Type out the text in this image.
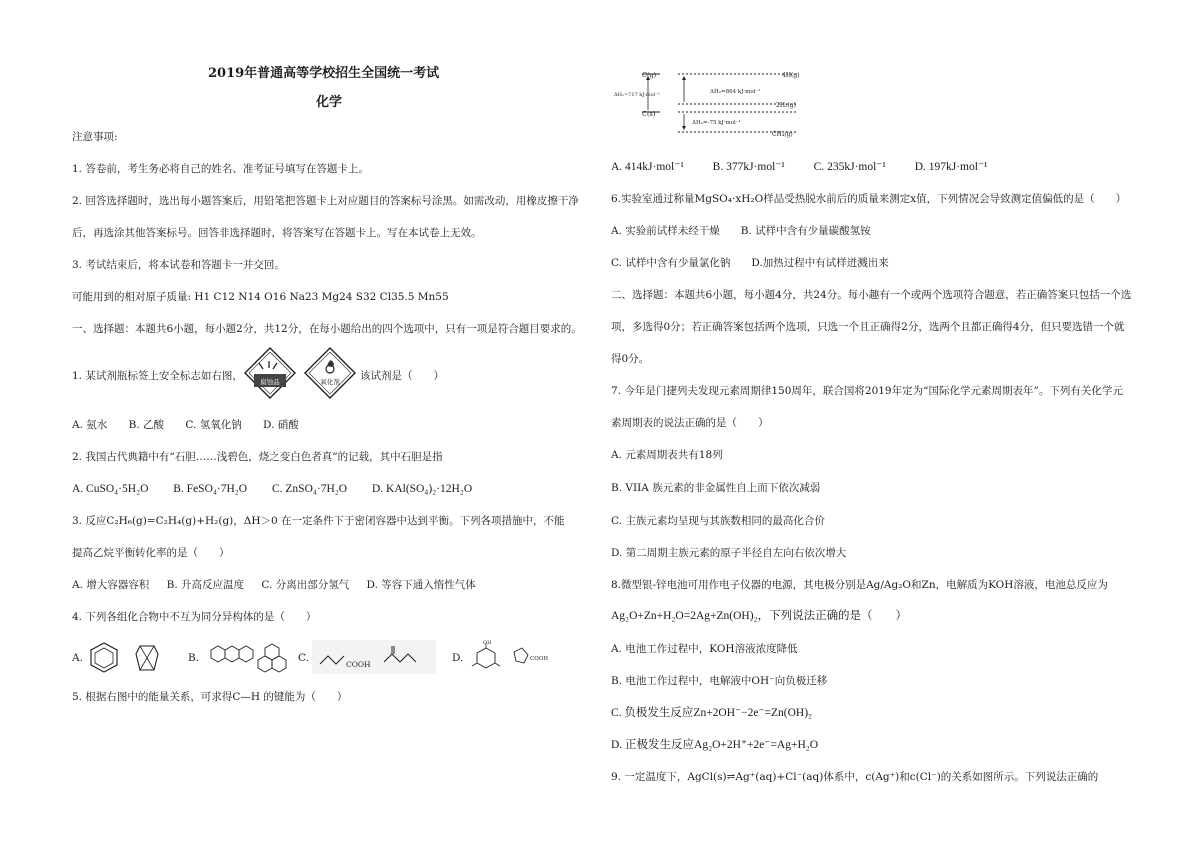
2019年普通高等学校招生全国统一考试
化学
注意事项:
1. 答卷前，考生务必将自己的姓名、准考证号填写在答题卡上。
2. 回答选择题时，选出每小题答案后，用铅笔把答题卡上对应题目的答案标号涂黑。如需改动，用橡皮擦干净
后，再选涂其他答案标号。回答非选择题时，将答案写在答题卡上。写在本试卷上无效。
3. 考试结束后，将本试卷和答题卡一并交回。
可能用到的相对原子质量: H1 C12 N14 O16 Na23 Mg24 S32 Cl35.5 Mn55
一、选择题：本题共6小题，每小题2分，共12分，在每小题给出的四个选项中，只有一项是符合题目要求的。
1. 某试剂瓶标签上安全标志如右图，	腐蚀品	氧化剂 该试剂是（　　）
A. 氨水 B. 乙酸 C. 氢氧化钠 D. 硝酸
2. 我国古代典籍中有“石胆……浅碧色，烧之变白色者真”的记载，其中石胆是指
A. CuSO₄·5H₂O B. FeSO₄·7H₂O C. ZnSO₄·7H₂O D. KAl(SO₄)₂·12H₂O
3. 反应C₂H₆(g)=C₂H₄(g)+H₂(g)，ΔH＞0 在一定条件下于密闭容器中达到平衡。下列各项措施中，不能
提高乙烷平衡转化率的是（　　）
A. 增大容器容积 B. 升高反应温度 C. 分离出部分氢气 D. 等容下通入惰性气体
4. 下列各组化合物中不互为同分异构体的是（　　）
A.	B.	C.
COOH
D.
OH
COOH
5. 根据右图中的能量关系，可求得C—H 的键能为（　　）
C(g)	4H(g)
ΔH₁=717 kJ·mol⁻¹	ΔH₂=864 kJ·mol⁻¹
2H₂(g)
C(s)
ΔH₃=-75 kJ·mol⁻¹
CH₄(g)
A. 414kJ·mol⁻¹	B. 377kJ·mol⁻¹	C. 235kJ·mol⁻¹	D. 197kJ·mol⁻¹
6.实验室通过称量MgSO₄·xH₂O样品受热脱水前后的质量来测定x值，下列情况会导致测定值偏低的是（　　）
A. 实验前试样未经干燥　　B. 试样中含有少量碳酸氢铵
C. 试样中含有少量氯化钠　　D.加热过程中有试样迸溅出来
二、选择题：本题共6小题，每小题4分，共24分。每小趣有一个或两个选项符合题意，若正确答案只包括一个选
项，多选得0分；若正确答案包括两个选项，只选一个且正确得2分，选两个且都正确得4分，但只要选错一个就
得0分。
7. 今年是门捷列夫发现元素周期律150周年，联合国将2019年定为“国际化学元素周期表年”。下列有关化学元
素周期表的说法正确的是（　　）
A. 元素周期表共有18列
B. VIIA 族元素的非金属性自上而下依次减弱
C. 主族元素均呈现与其族数相同的最高化合价
D. 第二周期主族元素的原子半径自左向右依次增大
8.微型银-锌电池可用作电子仪器的电源，其电极分别是Ag/Ag₂O和Zn，电解质为KOH溶液，电池总反应为
Ag₂O+Zn+H₂O=2Ag+Zn(OH)₂，下列说法正确的是（　　）
A. 电池工作过程中，KOH溶液浓度降低
B. 电池工作过程中，电解液中OH⁻向负极迁移
C. 负极发生反应Zn+2OH⁻−2e⁻=Zn(OH)₂
D. 正极发生反应Ag₂O+2H⁺+2e⁻=Ag+H₂O
9. 一定温度下，AgCl(s)⇌Ag⁺(aq)+Cl⁻(aq)体系中，c(Ag⁺)和c(Cl⁻)的关系如图所示。下列说法正确的
